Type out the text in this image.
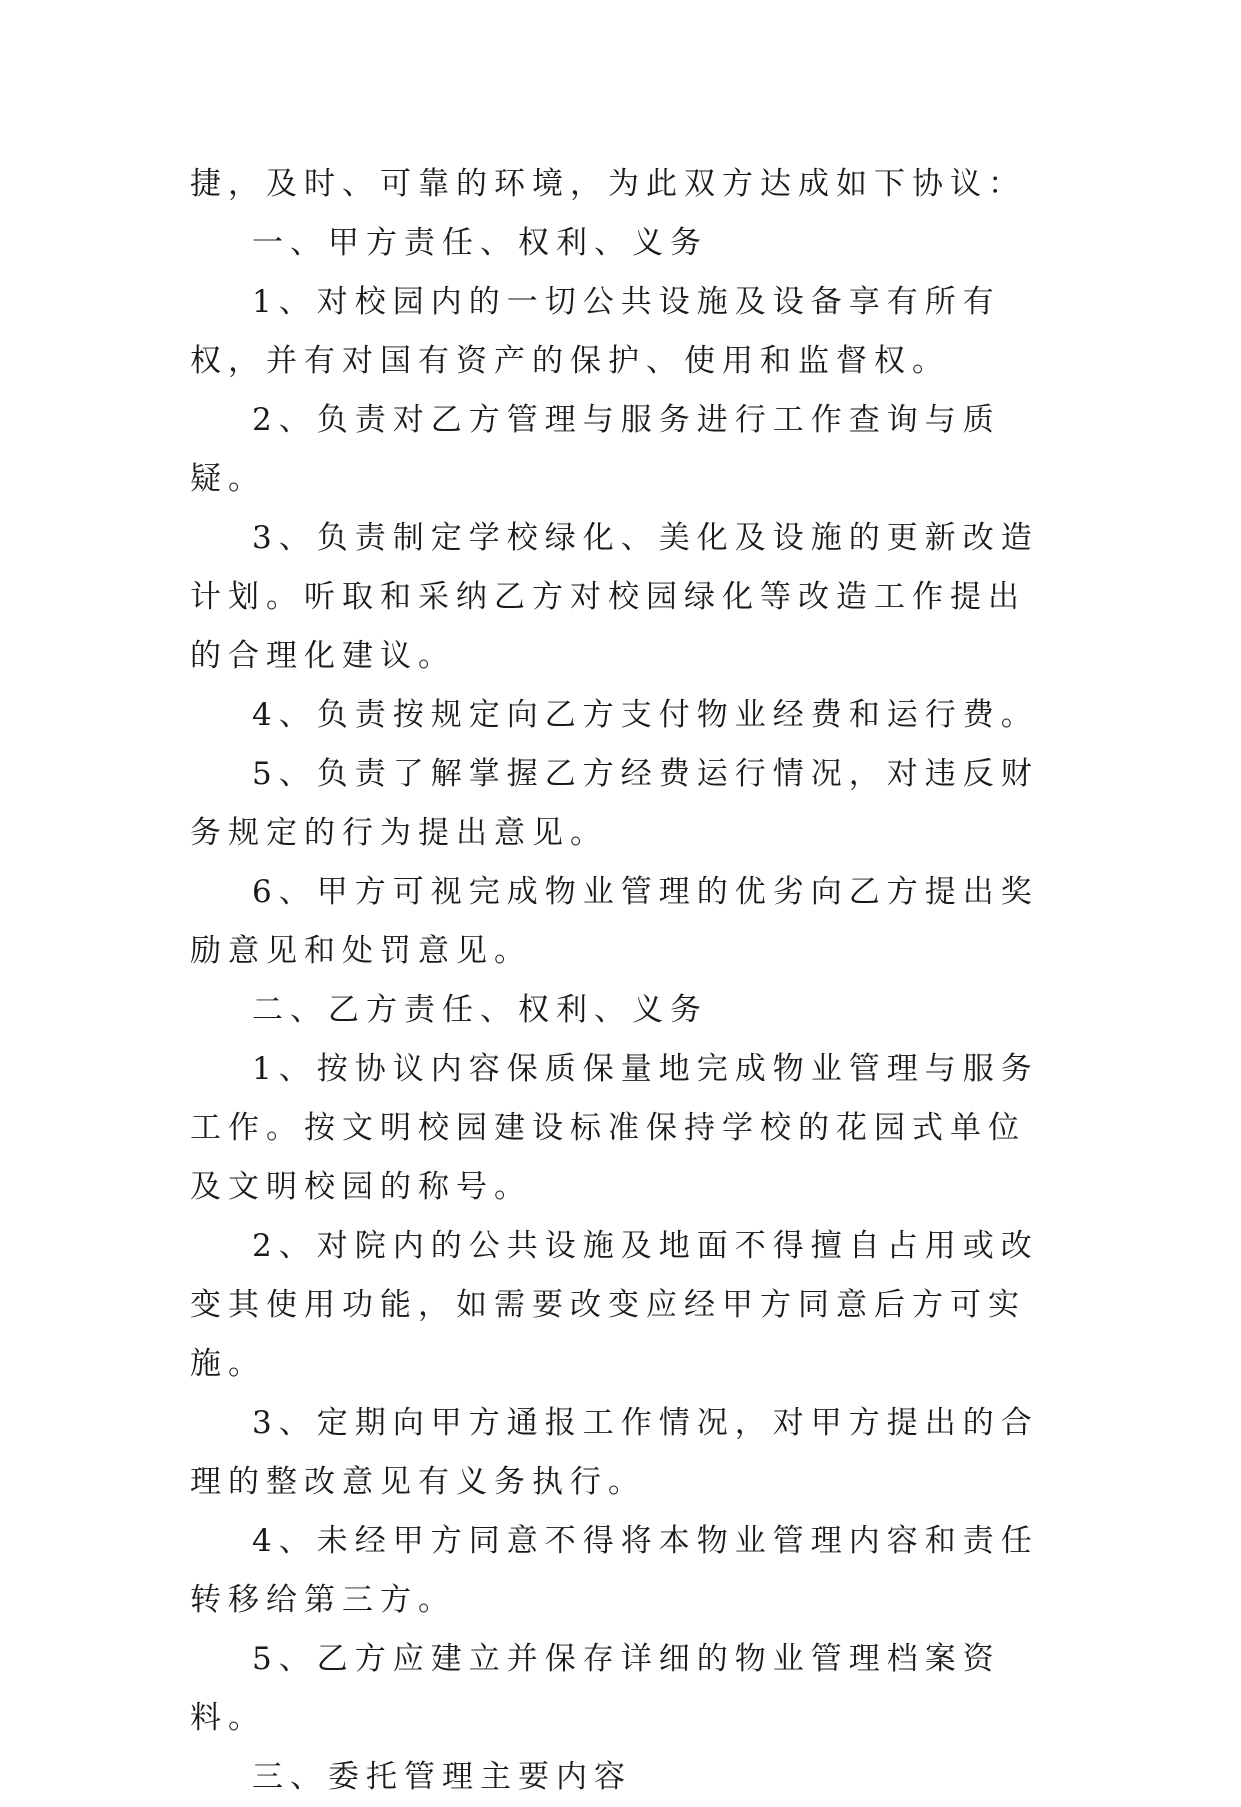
捷，及时、可靠的环境，为此双方达成如下协议：

一、甲方责任、权利、义务

1、对校园内的一切公共设施及设备享有所有权，并有对国有资产的保护、使用和监督权。

2、负责对乙方管理与服务进行工作查询与质疑。

3、负责制定学校绿化、美化及设施的更新改造计划。听取和采纳乙方对校园绿化等改造工作提出的合理化建议。

4、负责按规定向乙方支付物业经费和运行费。

5、负责了解掌握乙方经费运行情况，对违反财务规定的行为提出意见。

6、甲方可视完成物业管理的优劣向乙方提出奖励意见和处罚意见。

二、乙方责任、权利、义务

1、按协议内容保质保量地完成物业管理与服务工作。按文明校园建设标准保持学校的花园式单位及文明校园的称号。

2、对院内的公共设施及地面不得擅自占用或改变其使用功能，如需要改变应经甲方同意后方可实施。

3、定期向甲方通报工作情况，对甲方提出的合理的整改意见有义务执行。

4、未经甲方同意不得将本物业管理内容和责任转移给第三方。

5、乙方应建立并保存详细的物业管理档案资料。

三、委托管理主要内容
